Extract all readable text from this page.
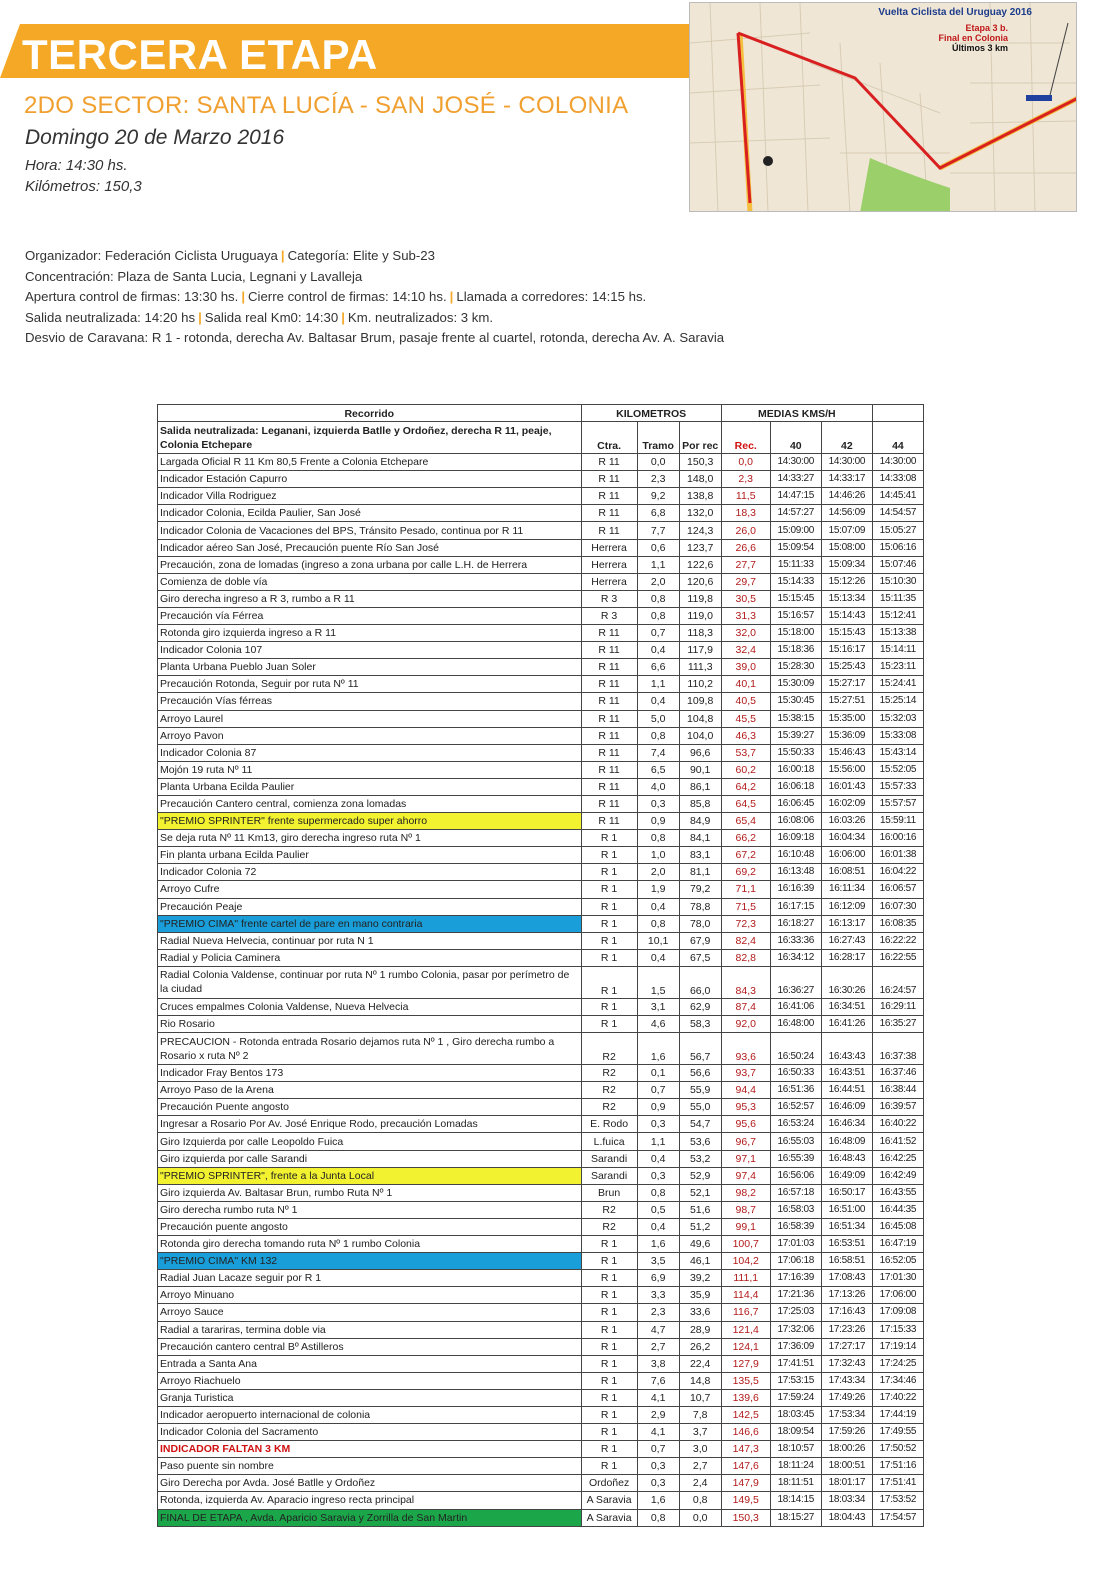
TERCERA ETAPA
2DO SECTOR: SANTA LUCÍA - SAN JOSÉ - COLONIA
Domingo 20 de Marzo 2016
Hora: 14:30 hs.
Kilómetros: 150,3
Vuelta Ciclista del Uruguay 2016
Etapa 3 b.
Final en Colonia
Últimos 3 km
Organizador: Federación Ciclista Uruguaya | Categoría: Elite y Sub-23
Concentración: Plaza de Santa Lucia, Legnani y Lavalleja
Apertura control de firmas: 13:30 hs. | Cierre control de firmas: 14:10 hs. | Llamada a corredores: 14:15 hs.
Salida neutralizada: 14:20 hs | Salida real Km0: 14:30 | Km. neutralizados: 3 km.
Desvio de Caravana: R 1 - rotonda, derecha Av. Baltasar Brum, pasaje frente al cuartel, rotonda, derecha Av. A. Saravia
Recorrido	KILOMETROS			MEDIAS KMS/H			
Salida neutralizada: Leganani, izquierda Batlle y Ordoñez, derecha R 11, peaje, Colonia Etchepare	Ctra.	Tramo	Por rec	Rec.	40	42	44
Largada Oficial R 11 Km 80,5 Frente a Colonia Etchepare	R 11	0,0	150,3	0,0	14:30:00	14:30:00	14:30:00
Indicador Estación Capurro	R 11	2,3	148,0	2,3	14:33:27	14:33:17	14:33:08
Indicador Villa Rodriguez	R 11	9,2	138,8	11,5	14:47:15	14:46:26	14:45:41
Indicador Colonia, Ecilda Paulier, San José	R 11	6,8	132,0	18,3	14:57:27	14:56:09	14:54:57
Indicador Colonia de Vacaciones del BPS, Tránsito Pesado, continua por R 11	R 11	7,7	124,3	26,0	15:09:00	15:07:09	15:05:27
Indicador aéreo San José, Precaución puente Río San José	Herrera	0,6	123,7	26,6	15:09:54	15:08:00	15:06:16
Precaución, zona de lomadas (ingreso a zona urbana por calle L.H. de Herrera	Herrera	1,1	122,6	27,7	15:11:33	15:09:34	15:07:46
Comienza de doble vía	Herrera	2,0	120,6	29,7	15:14:33	15:12:26	15:10:30
Giro derecha ingreso a R 3, rumbo a R 11	R 3	0,8	119,8	30,5	15:15:45	15:13:34	15:11:35
Precaución vía Férrea	R 3	0,8	119,0	31,3	15:16:57	15:14:43	15:12:41
Rotonda giro izquierda ingreso a R 11	R 11	0,7	118,3	32,0	15:18:00	15:15:43	15:13:38
Indicador Colonia 107	R 11	0,4	117,9	32,4	15:18:36	15:16:17	15:14:11
Planta Urbana Pueblo Juan Soler	R 11	6,6	111,3	39,0	15:28:30	15:25:43	15:23:11
Precaución Rotonda, Seguir por ruta Nº 11	R 11	1,1	110,2	40,1	15:30:09	15:27:17	15:24:41
Precaución Vías férreas	R 11	0,4	109,8	40,5	15:30:45	15:27:51	15:25:14
Arroyo Laurel	R 11	5,0	104,8	45,5	15:38:15	15:35:00	15:32:03
Arroyo Pavon	R 11	0,8	104,0	46,3	15:39:27	15:36:09	15:33:08
Indicador Colonia 87	R 11	7,4	96,6	53,7	15:50:33	15:46:43	15:43:14
Mojón 19 ruta Nº 11	R 11	6,5	90,1	60,2	16:00:18	15:56:00	15:52:05
Planta Urbana Ecilda Paulier	R 11	4,0	86,1	64,2	16:06:18	16:01:43	15:57:33
Precaución Cantero central, comienza zona lomadas	R 11	0,3	85,8	64,5	16:06:45	16:02:09	15:57:57
"PREMIO SPRINTER" frente supermercado super ahorro	R 11	0,9	84,9	65,4	16:08:06	16:03:26	15:59:11
Se deja ruta Nº 11 Km13, giro derecha ingreso ruta Nº 1	R 1	0,8	84,1	66,2	16:09:18	16:04:34	16:00:16
Fin planta urbana Ecilda Paulier	R 1	1,0	83,1	67,2	16:10:48	16:06:00	16:01:38
Indicador Colonia 72	R 1	2,0	81,1	69,2	16:13:48	16:08:51	16:04:22
Arroyo Cufre	R 1	1,9	79,2	71,1	16:16:39	16:11:34	16:06:57
Precaución Peaje	R 1	0,4	78,8	71,5	16:17:15	16:12:09	16:07:30
"PREMIO CIMA" frente cartel de pare en mano contraria	R 1	0,8	78,0	72,3	16:18:27	16:13:17	16:08:35
Radial Nueva Helvecia, continuar por ruta N 1	R 1	10,1	67,9	82,4	16:33:36	16:27:43	16:22:22
Radial y Policia Caminera	R 1	0,4	67,5	82,8	16:34:12	16:28:17	16:22:55
Radial Colonia Valdense, continuar por ruta Nº 1 rumbo Colonia, pasar por perímetro de la ciudad	R 1	1,5	66,0	84,3	16:36:27	16:30:26	16:24:57
Cruces empalmes Colonia Valdense, Nueva Helvecia	R 1	3,1	62,9	87,4	16:41:06	16:34:51	16:29:11
Rio Rosario	R 1	4,6	58,3	92,0	16:48:00	16:41:26	16:35:27
PRECAUCION - Rotonda entrada Rosario dejamos ruta Nº 1 , Giro derecha rumbo a Rosario x ruta Nº 2	R2	1,6	56,7	93,6	16:50:24	16:43:43	16:37:38
Indicador Fray Bentos 173	R2	0,1	56,6	93,7	16:50:33	16:43:51	16:37:46
Arroyo Paso de la Arena	R2	0,7	55,9	94,4	16:51:36	16:44:51	16:38:44
Precaución Puente angosto	R2	0,9	55,0	95,3	16:52:57	16:46:09	16:39:57
Ingresar a Rosario Por Av. José Enrique Rodo, precaución Lomadas	E. Rodo	0,3	54,7	95,6	16:53:24	16:46:34	16:40:22
Giro Izquierda por calle Leopoldo Fuica	L.fuica	1,1	53,6	96,7	16:55:03	16:48:09	16:41:52
Giro izquierda por calle Sarandi	Sarandi	0,4	53,2	97,1	16:55:39	16:48:43	16:42:25
"PREMIO SPRINTER", frente a la Junta Local	Sarandi	0,3	52,9	97,4	16:56:06	16:49:09	16:42:49
Giro izquierda Av. Baltasar Brun, rumbo Ruta Nº 1	Brun	0,8	52,1	98,2	16:57:18	16:50:17	16:43:55
Giro derecha rumbo ruta Nº 1	R2	0,5	51,6	98,7	16:58:03	16:51:00	16:44:35
Precaución puente angosto	R2	0,4	51,2	99,1	16:58:39	16:51:34	16:45:08
Rotonda giro derecha tomando ruta Nº 1 rumbo Colonia	R 1	1,6	49,6	100,7	17:01:03	16:53:51	16:47:19
"PREMIO CIMA" KM 132	R 1	3,5	46,1	104,2	17:06:18	16:58:51	16:52:05
Radial Juan Lacaze seguir por R 1	R 1	6,9	39,2	111,1	17:16:39	17:08:43	17:01:30
Arroyo Minuano	R 1	3,3	35,9	114,4	17:21:36	17:13:26	17:06:00
Arroyo Sauce	R 1	2,3	33,6	116,7	17:25:03	17:16:43	17:09:08
Radial a tarariras, termina doble via	R 1	4,7	28,9	121,4	17:32:06	17:23:26	17:15:33
Precaución cantero central Bº Astilleros	R 1	2,7	26,2	124,1	17:36:09	17:27:17	17:19:14
Entrada a Santa Ana	R 1	3,8	22,4	127,9	17:41:51	17:32:43	17:24:25
Arroyo Riachuelo	R 1	7,6	14,8	135,5	17:53:15	17:43:34	17:34:46
Granja Turistica	R 1	4,1	10,7	139,6	17:59:24	17:49:26	17:40:22
Indicador aeropuerto internacional de colonia	R 1	2,9	7,8	142,5	18:03:45	17:53:34	17:44:19
Indicador Colonia del Sacramento	R 1	4,1	3,7	146,6	18:09:54	17:59:26	17:49:55
INDICADOR FALTAN 3 KM	R 1	0,7	3,0	147,3	18:10:57	18:00:26	17:50:52
Paso puente sin nombre	R 1	0,3	2,7	147,6	18:11:24	18:00:51	17:51:16
Giro Derecha por Avda. José Batlle y Ordoñez	Ordoñez	0,3	2,4	147,9	18:11:51	18:01:17	17:51:41
Rotonda, izquierda Av. Aparacio ingreso recta principal	A Saravia	1,6	0,8	149,5	18:14:15	18:03:34	17:53:52
FINAL DE ETAPA , Avda. Aparicio Saravia y Zorrilla de San Martin	A Saravia	0,8	0,0	150,3	18:15:27	18:04:43	17:54:57
